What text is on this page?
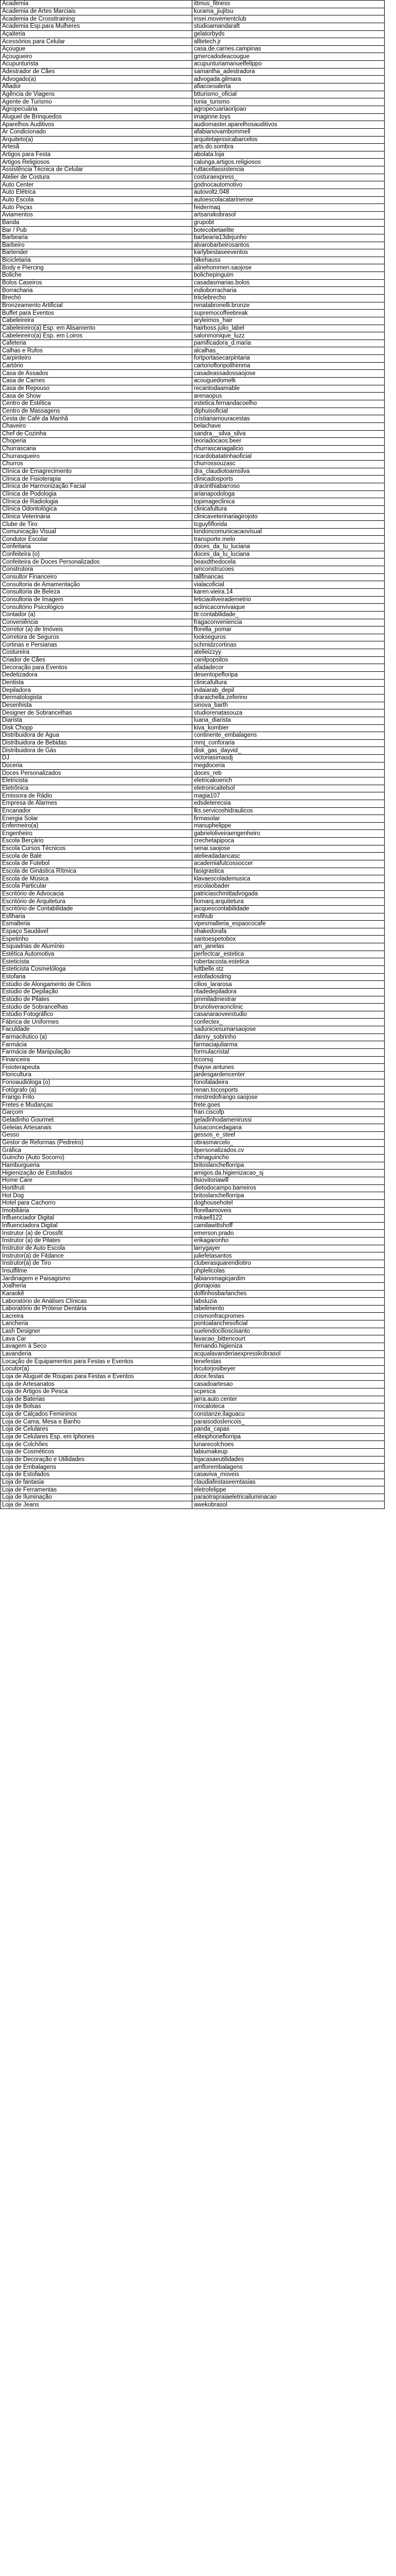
Academia	ittmus_fitness
Academia de Artes Marciais	kurama_jiujitsu
Academia de Crossttraining	insei.movementclub
Academia Esp.para Mulheres	studioamandaraft
Açaiteria	gelatorbyds
Acessórios para Celular	alltetech.jr
Açougue	casa.de.carnes.campinas
Açougueiro	gmercadodeacougue
Acupunturista	acupunturiamanuelfelippo
Adestrador de Cães	samantha_adestradora
Advogado(a)	advogada.gilmara
Afiador	afiacoesalerta
Agência de Viagens	btturismo_oficial
Agente de Turismo	tonia_turismo
Agropecuária	agropecuariaorijoao
Aluguel de Brinquedos	imaginne.toys
Aparelhos Auditivos	audiomaster.aparelhosauditivos
Ar Condicionado	afabianovambommell
Arquiteto(a)	arquitetajessicabarcelos
Artesã	arts.do.sombra
Artigos para Festa	abolata.loja
Artigos Religiosos	calunga.artigos.religiosos
Assistência Técnica de Celular	ruttacellassistencia
Atelier de Costura	costuraexpress_
Auto Center	godnocautomotivo
Auto Elétrica	autovoltz.048
Auto Escola	autoescolacatarinense
Auto Peças	feidermaq
Aviamentos	artsanxkobrasol
Banda	grupobt
Bar / Pub	botecobetaelite
Barbearia	barbearia13dejunho
Barbeiro	alvarobarbeirosantos
Bartender	karlybestaseeventos
Bicicletaria	bikehauss
Body e Piercing	alinehommen.saojose
Boliche	bolichepinguim
Bolos Caseiros	casadasmarias.bolos
Borracharia	indioborracharia
Brechó	triiclebrecho
Bronzeamento Artificial	renatabronelli.bronze
Buffet para Eventos	supremocoffeebreak
Cabeleireira	aryleimos_hair
Cabeleireiro(a) Esp. em Alisamento	hairboss.julio_label
Cabeleireiro(a) Esp. em Loiros	salonmonique_luzz
Cafeteria	pamificadora_d.maria
Calhas e Rufos	alcalhas_
Carpinteiro	fortportasecarpintaria
Cartório	cartoriofloripolihimma
Casa de Assados	casadeassadossaojose
Casa de Carnes	acouguedomelk
Casa de Repouso	recantodaamable
Casa de Show	arenaopus
Centro de Estética	estetica.fernandacoelho
Centro de Massagens	diphuisoficial
Cesta de Café da Manhã	cristianamouracestas
Chaveiro	belachave
Chef de Cozinha	sandra__silva_silva
Choperia	teoriadocaos.beer
Churrascaria	churrascariagalicio
Churrasqueiro	ricardobatatinhaoficial
Churros	churrossouzasc
Clínica de Emagrecimento	dra_claudiotoamsilva
Clínica de Fisioterapia	clinicadosports
Clínica de Harmonização Facial	dracinthiabarroso
Clínica de Podologia	arianapodologa
Clínica de Radiologia	topimageclinica
Clínica Odontológica	clinicafultura
Clínica Veterinária	clinicaveterinariagirojoto
Clube de Tiro	tcguyfiflorida
Comunicação Visual	londoncomunicacaovisual
Condutor Escolar	transporte.melo
Confeitaria	doces_da_tu_luciana
Confeiteira (o)	doces_da_lu_luciana
Confeiteira de Doces Personalizados	beaxdthedocela
Construtora	amconstrucoes
Consultor Financeiro	tallfinancas
Consultoria de Amamentação	vialacoficial
Consultoria de Beleza	karen.vieira.14
Consultoria de Imagem	leticiaoliveirademetrio
Consultório Psicológico	aclinicaconvivaique
Contador (a)	ttr.contabilidade_
Conveniência	fragaconveniencia
Corretor (a) de Imóveis	florella_pomar
Corretora de Seguros	lookseguros
Cortinas e Persianas	schmidzcortinas
Costureira	atelieizzyy
Criador de Cães	canilpopsitos
Decoração para Eventos	afadadecor
Dedetizadora	desentopefloripa
Dentista	clinicafultura
Depiladora	indaiarab_depil
Dermatologista	draraichella.zeferino
Desenhista	sinova_barth
Designer de Sobrancelhas	studiorenatasouza
Diarista	luana_diarista
Disk Chopp	kiva_kombier
Distribuidora de Água	continente_embalagens
Distribuidora de Bebidas	mmj_conforaria
Distribuidora de Gás	disk_gas_dayvid_
DJ	victoriasimasdj
Doceria	megdoceria
Doces Personalizados	doces_reb
Eletricista	eletricakoerich
Eletrônica	eletronicaitelsol
Emissora de Rádio	magia107
Empresa de Alarmes	edsdeterecsia
Encanador	lks.servicoshidraulicos
Energia Solar	firmasolar
Enfermeiro(a)	manuphelippe
Engenheiro	gabrieloliveiraengenheiro
Escola Berçário	crechetapipoca
Escola Cursos Técnicos	senai.saojose
Escola de Balé	atelieadadancasc
Escola de Futebol	academiafutcossoccer
Escola de Ginástica Rítmica	fasigrastica
Escola de Música	klavaescolademusica
Escola Particular	escolaobader
Escritório de Advocacia	patriciaschmittadvogada
Escritório de Arquitetura	fiomarq.arquitetura
Escritório de Contabilidade	jacquescontabilidade
Esfiharia	esfihub
Esmalteria	vipesmalteria_espaococafe
Espaço Saudável	shakedorafa
Espetinho	santoespetobox
Esquadrias de Alumínio	am_janelas
Estética Automotiva	perfectcar_estetica
Esteticista	robertacosta.estetica
Esteticista Cosmetóloga	luttbelle.stz
Estofaria	estofadosdmg
Estúdio de Alongamento de Cílios	cilios_lararosa
Estúdio de Depilação	ritadedepiladora
Estúdio de Pilates	pmmiladmestrar
Estúdio de Sobrancelhas	brunoliveraonclinic
Estúdio Fotográfico	casanaraoveestudio
Fábrica de Uniformes	confectex_
Faculdade	saduniciesumarsaojose
Farmacêutico (a)	danny_sobrinho
Farmácia	farmaciajuliarma
Farmácia de Manipulação	formulacristal
Financeira	tccorsq
Fisioterapeuta	thayse.antunes
Floricultura	jardesgardencenter
Fonoaudióloga (o)	fonofaladeira
Fotógrafo (a)	renan.tocosports
Frango Frito	mestredofrango.saojose
Fretes e Mudanças	frete.goes
Garçom	fran.ciscofp
Geladinho Gourmet	geladinhodamenirussi
Geleias Artesanais	luisaconcedagana
Gesso	gessos_e_steel
Gestor de Reformas (Pedreiro)	obrasmarcelo_
Gráfica	ilpersonalizados.cv
Guincho (Auto Socorro)	chinaguincho
Hamburgueria	britoslancheflorripa
Higienização de Estofados	amigos.da.higienizacao_sj
Home Care	fisiovitoriawill
Hortifruti	dietodocampo.barreiros
Hot Dog	britoslancheflorripa
Hotel para Cachorro	doghousehotel
Imobiliária	florellaimoveis
Influenciador Digital	mikaell122
Influenciadora Digital	camilawittshoff
Instrutor (a) de Crossfit	emerson.prado
Instrutor (a) de Pilates	erikagaronho
Instrutor de Auto Escola	larrygayer
Instrutor(a) de Fitdance	juliefetasantos
Instrutor(a) de Tiro	cluberasquarendiotiro
Insulfilme	phplelicolas
Jardinagem e Paisagismo	fabianomagicjardim
Joalheria	gloriajoias
Karaokê	dolfinhosbarlanches
Laboratório de Análises Clínicas	labsluzia
Laboratório de Prótese Dentária	labelimento
Lacreira	crismonfracpromes
Lancheria	pontoalanchesoficial
Lash Designer	suelendocilioscisanto
Lava Car	lavacao_bittencourt
Lavagem à Seco	fernando.higieniza
Lavanderia	acqualavanderiaexpresskobrasol
Locação de Equipamentos para Festas e Eventos	tenefestas
Locutor(a)	locutorjosibeyer
Loja de Aluguel de Roupas para Festas e Eventos	doce.festas
Loja de Artesanatos	casadoartesao
Loja de Artigos de Pesca	scpesca
Loja de Baterias	jarra.auto.center
Loja de Bolsas	rnocaloteca
Loja de Calçados Femininos	constanze.ilaguacu
Loja de Cama, Mesa e Banho	paraisodoslencois_
Loja de Celulares	panda_capas
Loja de Celulares Esp. em Iphones	eliteiphoneflorripa
Loja de Colchões	lunarecolchoes
Loja de Cosméticos	labiumakeup
Loja de Decoração e Utilidades	lojacasaeutilidades
Loja de Embalagens	amflorembalagens
Loja de Estofados	casaviva_moveis
Loja de fantasia	claudiafestaseemtasias
Loja de Ferramentas	eletrofelippe
Loja de Iluminação	paraotrapraiaeletricailuminacao
Loja de Jeans	awekobrasol
